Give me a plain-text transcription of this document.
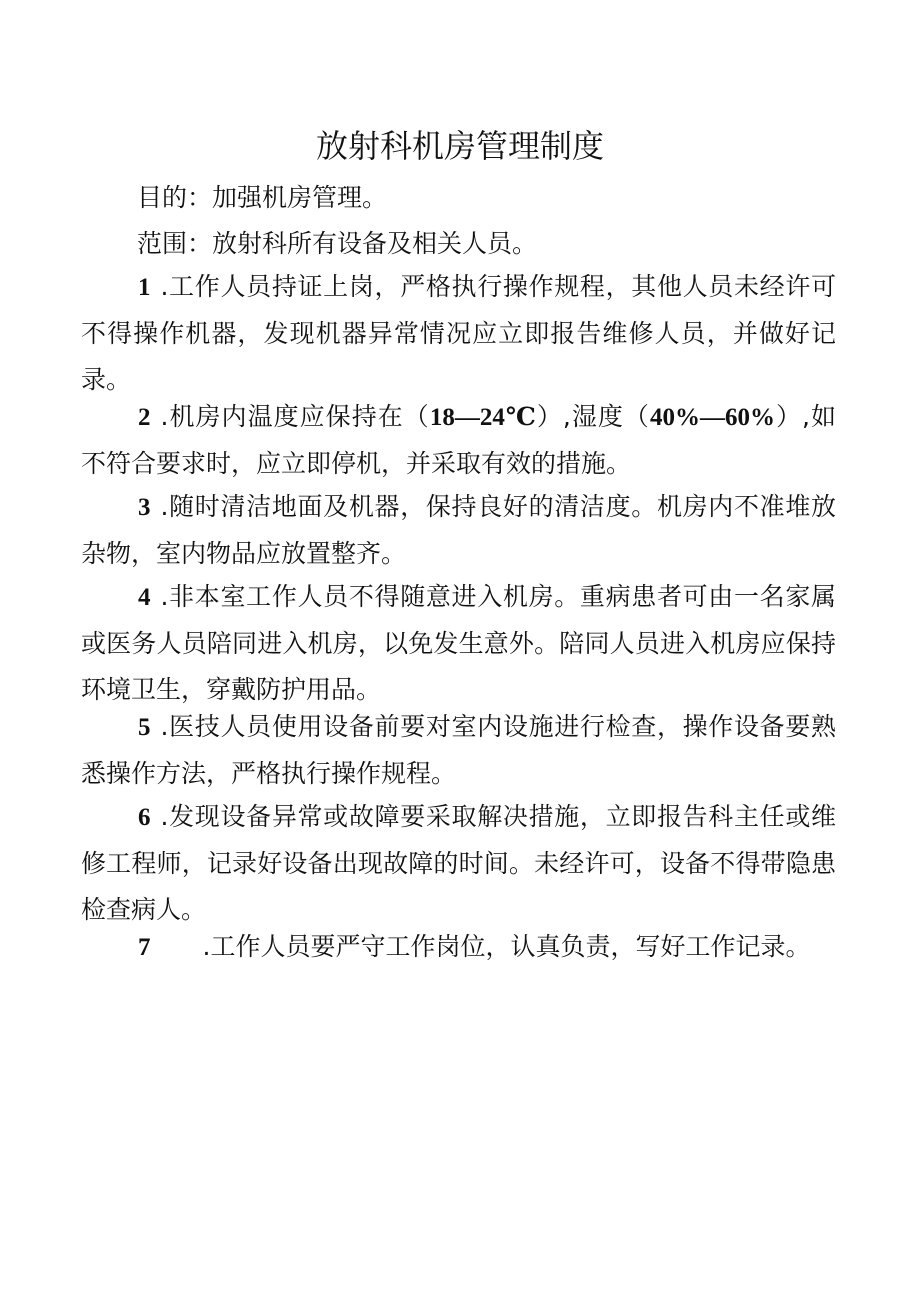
放射科机房管理制度
目的：加强机房管理。
范围：放射科所有设备及相关人员。
1 .工作人员持证上岗，严格执行操作规程，其他人员未经许可不得操作机器，发现机器异常情况应立即报告维修人员，并做好记录。
2 .机房内温度应保持在（18—24℃）,湿度（40%—60%）,如不符合要求时，应立即停机，并采取有效的措施。
3 .随时清洁地面及机器，保持良好的清洁度。机房内不准堆放杂物，室内物品应放置整齐。
4 .非本室工作人员不得随意进入机房。重病患者可由一名家属或医务人员陪同进入机房，以免发生意外。陪同人员进入机房应保持环境卫生，穿戴防护用品。
5 .医技人员使用设备前要对室内设施进行检查，操作设备要熟悉操作方法，严格执行操作规程。
6 .发现设备异常或故障要采取解决措施，立即报告科主任或维修工程师，记录好设备出现故障的时间。未经许可，设备不得带隐患检查病人。
7 .工作人员要严守工作岗位，认真负责，写好工作记录。
